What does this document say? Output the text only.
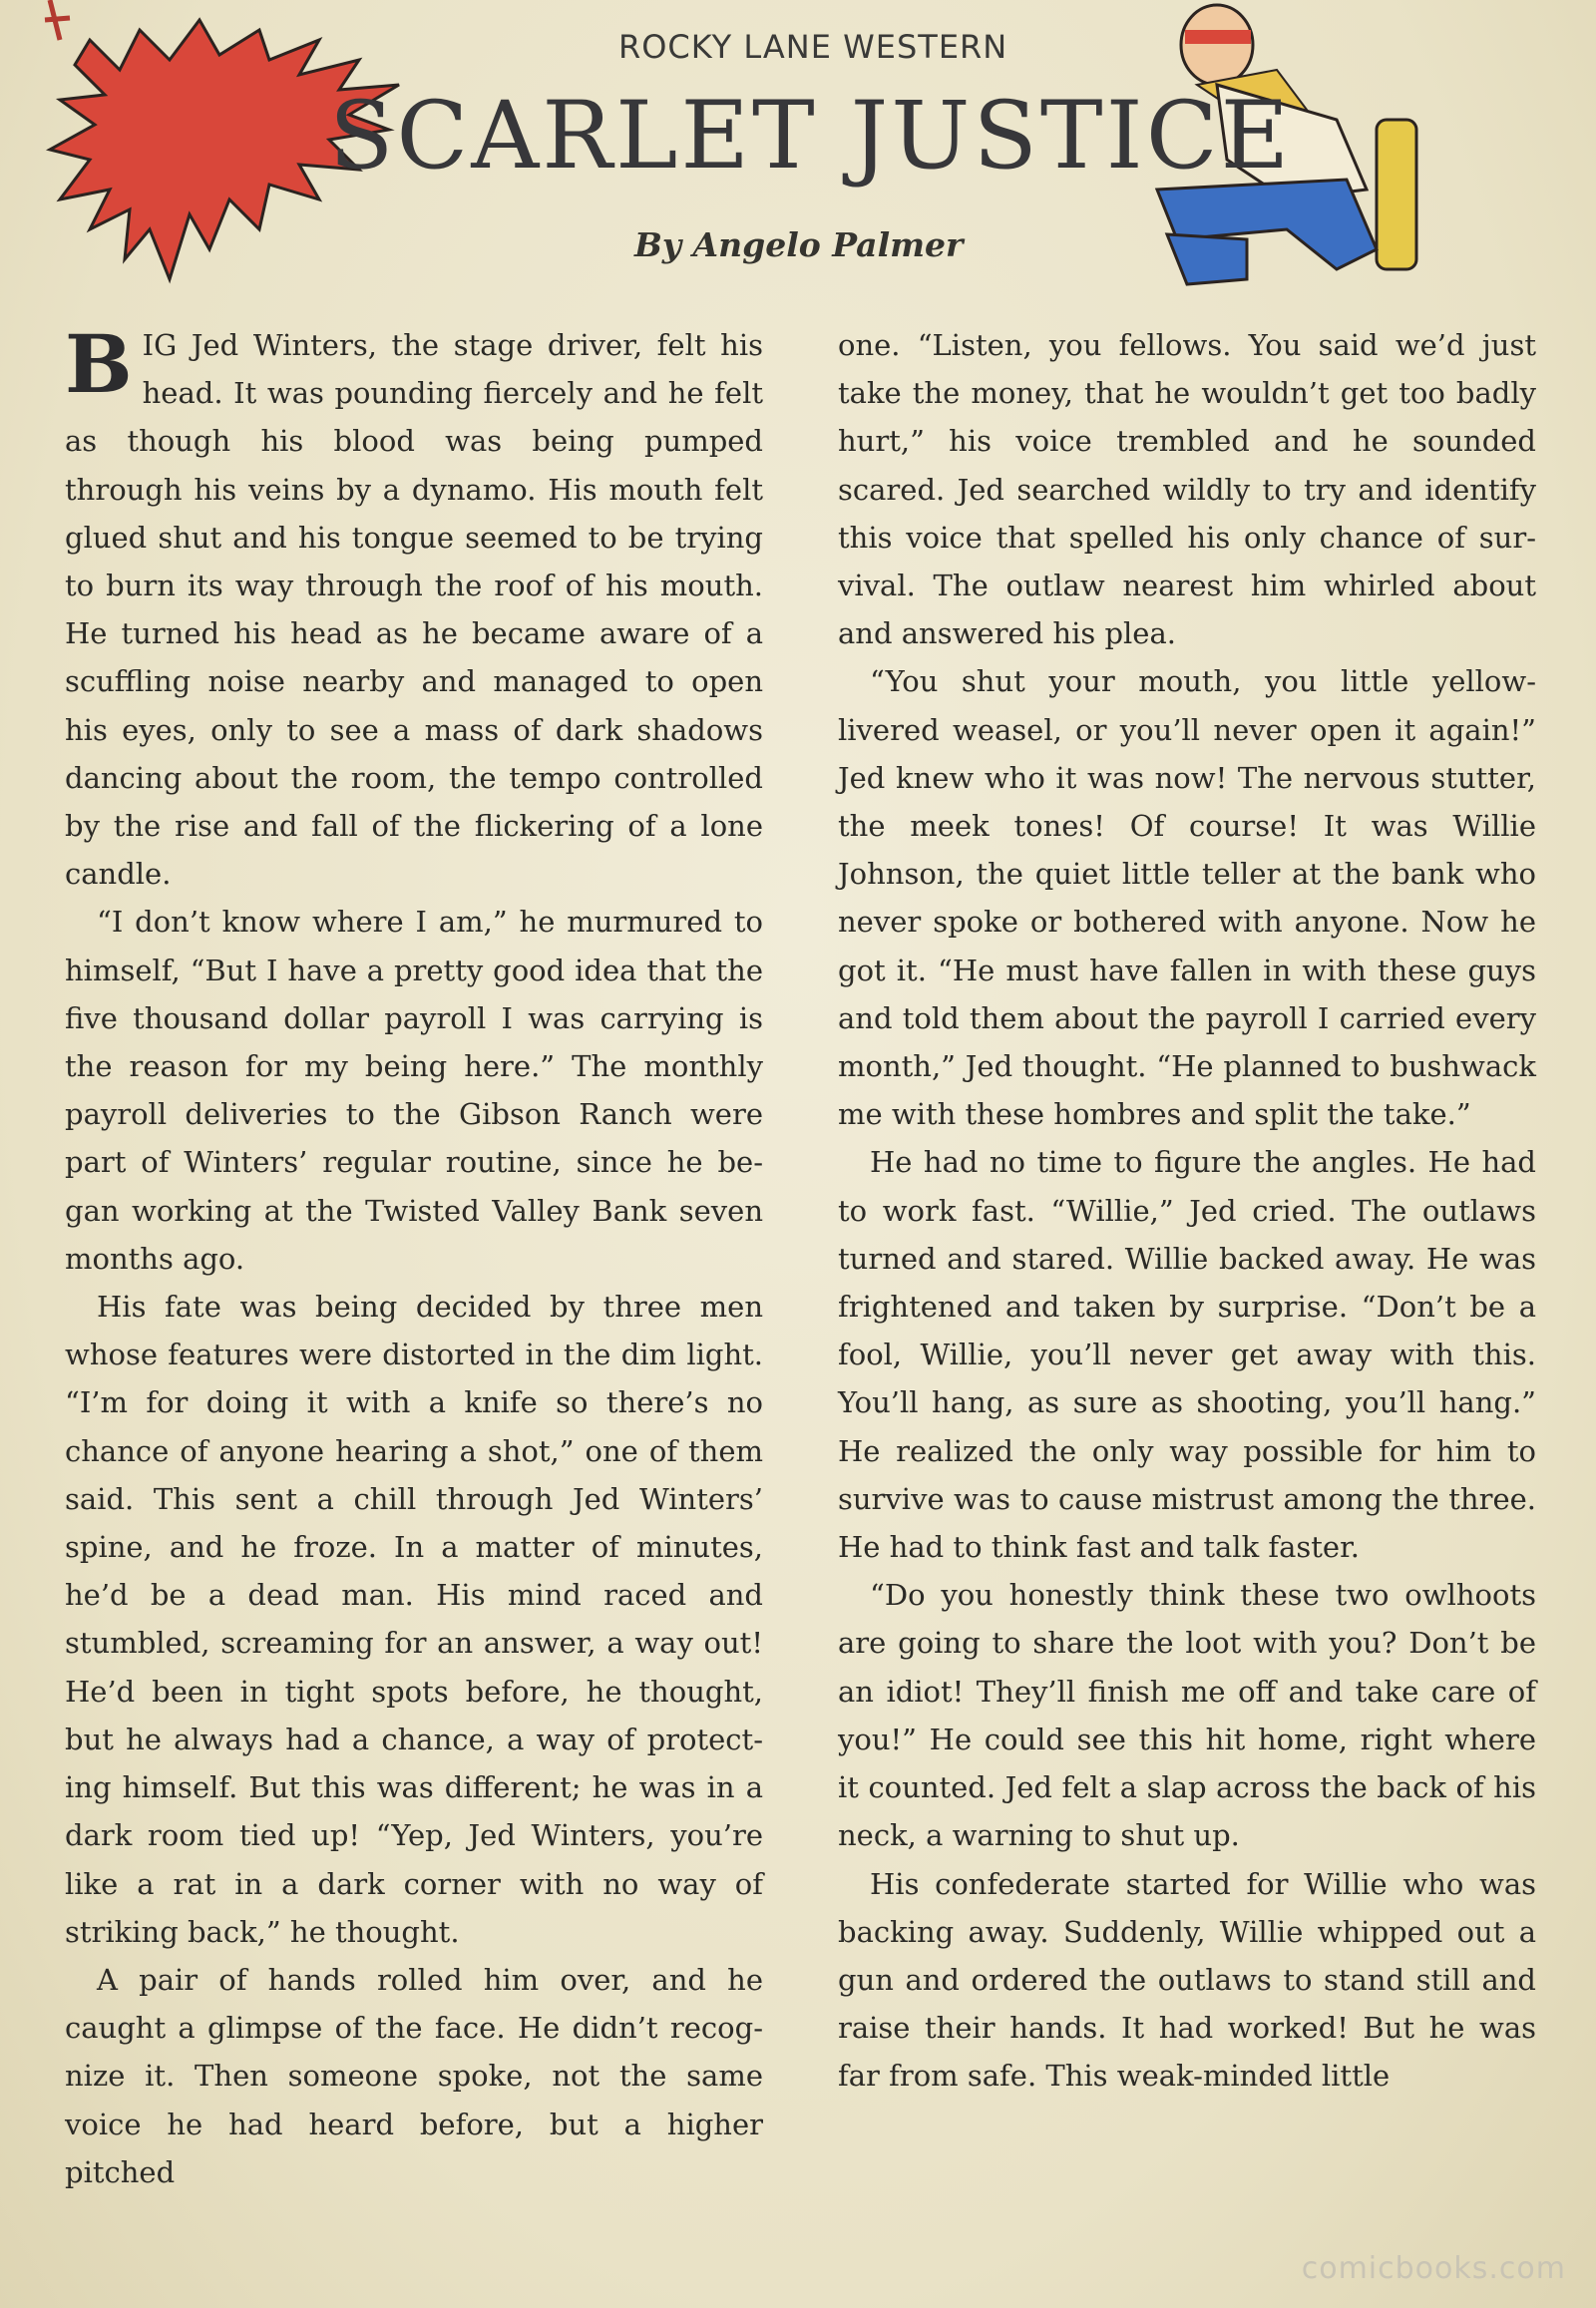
ROCKY LANE WESTERN
SCARLET JUSTICE
By Angelo Palmer

BIG Jed Winters, the stage driver, felt his head. It was pounding fiercely and he felt as though his blood was being pumped through his veins by a dynamo. His mouth felt glued shut and his tongue seemed to be trying to burn its way through the roof of his mouth. He turned his head as he became aware of a scuffling noise nearby and managed to open his eyes, only to see a mass of dark shadows dancing about the room, the tempo controlled by the rise and fall of the flickering of a lone candle.

“I don’t know where I am,” he murmured to himself, “But I have a pretty good idea that the five thousand dollar payroll I was carrying is the reason for my being here.” The monthly payroll deliveries to the Gibson Ranch were part of Winters’ regular routine, since he began working at the Twisted Valley Bank seven months ago.

His fate was being decided by three men whose features were distorted in the dim light. “I’m for doing it with a knife so there’s no chance of anyone hearing a shot,” one of them said. This sent a chill through Jed Winters’ spine, and he froze. In a matter of minutes, he’d be a dead man. His mind raced and stumbled, screaming for an answer, a way out! He’d been in tight spots before, he thought, but he always had a chance, a way of protecting himself. But this was different; he was in a dark room tied up! “Yep, Jed Winters, you’re like a rat in a dark corner with no way of striking back,” he thought.

A pair of hands rolled him over, and he caught a glimpse of the face. He didn’t recognize it. Then someone spoke, not the same voice he had heard before, but a higher pitched

one. “Listen, you fellows. You said we’d just take the money, that he wouldn’t get too badly hurt,” his voice trembled and he sounded scared. Jed searched wildly to try and identify this voice that spelled his only chance of survival. The outlaw nearest him whirled about and answered his plea.

“You shut your mouth, you little yellow-livered weasel, or you’ll never open it again!” Jed knew who it was now! The nervous stutter, the meek tones! Of course! It was Willie Johnson, the quiet little teller at the bank who never spoke or bothered with anyone. Now he got it. “He must have fallen in with these guys and told them about the payroll I carried every month,” Jed thought. “He planned to bushwack me with these hombres and split the take.”

He had no time to figure the angles. He had to work fast. “Willie,” Jed cried. The outlaws turned and stared. Willie backed away. He was frightened and taken by surprise. “Don’t be a fool, Willie, you’ll never get away with this. You’ll hang, as sure as shooting, you’ll hang.” He realized the only way possible for him to survive was to cause mistrust among the three. He had to think fast and talk faster.

“Do you honestly think these two owlhoots are going to share the loot with you? Don’t be an idiot! They’ll finish me off and take care of you!” He could see this hit home, right where it counted. Jed felt a slap across the back of his neck, a warning to shut up.

His confederate started for Willie who was backing away. Suddenly, Willie whipped out a gun and ordered the outlaws to stand still and raise their hands. It had worked! But he was far from safe. This weak-minded little

comicbooks.com
